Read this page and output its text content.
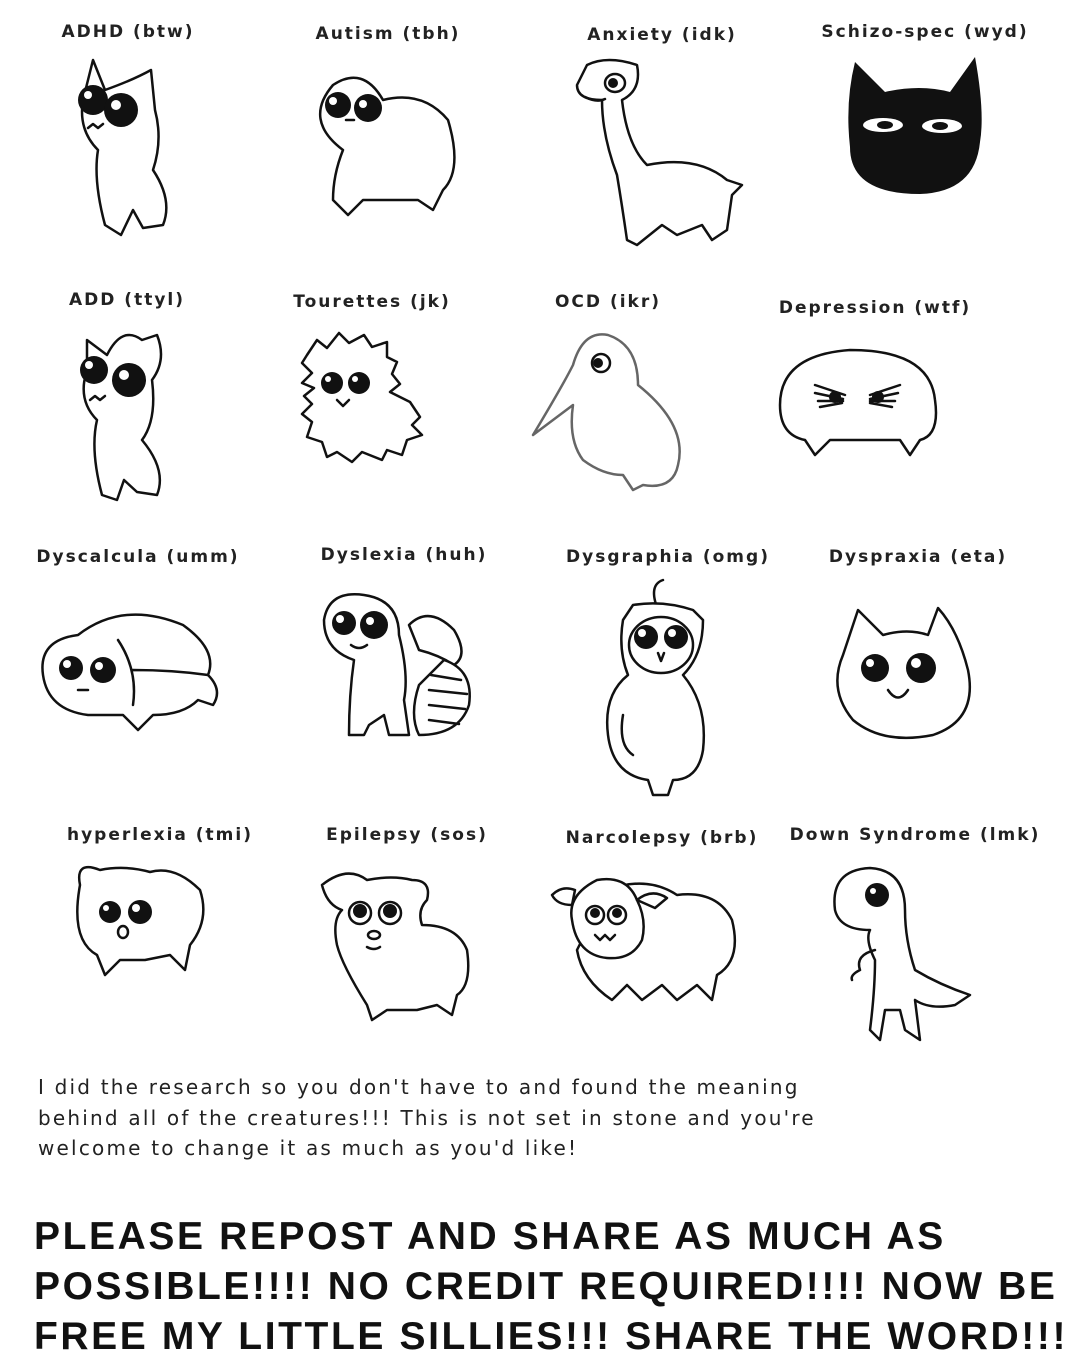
ADHD (btw)	Autism (tbh)	Anxiety (idk)	Schizo-spec (wyd)
ADD (ttyl)	Tourettes (jk)	OCD (ikr)	Depression (wtf)
Dyscalcula (umm)	Dyslexia (huh)	Dysgraphia (omg)	Dyspraxia (eta)
hyperlexia (tmi)	Epilepsy (sos)	Narcolepsy (brb)	Down Syndrome (lmk)
I did the research so you don't have to and found the meaning behind all of the creatures!!! This is not set in stone and you're welcome to change it as much as you'd like!
PLEASE REPOST AND SHARE AS MUCH AS POSSIBLE!!!! NO CREDIT REQUIRED!!!! NOW BE FREE MY LITTLE SILLIES!!! SHARE THE WORD!!!
